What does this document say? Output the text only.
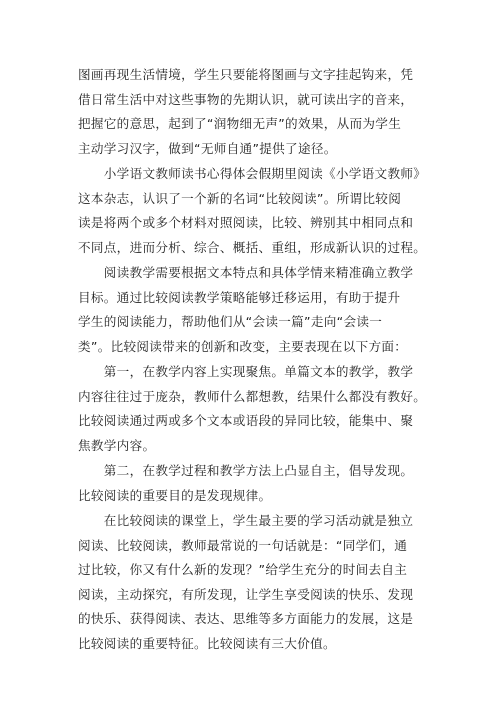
图画再现生活情境，学生只要能将图画与文字挂起钩来，凭
借日常生活中对这些事物的先期认识，就可读出字的音来，
把握它的意思，起到了“润物细无声”的效果，从而为学生
主动学习汉字，做到“无师自通”提供了途径。
　　小学语文教师读书心得体会假期里阅读《小学语文教师》
这本杂志，认识了一个新的名词“比较阅读”。所谓比较阅
读是将两个或多个材料对照阅读，比较、辨别其中相同点和
不同点，进而分析、综合、概括、重组，形成新认识的过程。
　　阅读教学需要根据文本特点和具体学情来精准确立教学
目标。通过比较阅读教学策略能够迁移运用，有助于提升
学生的阅读能力，帮助他们从“会读一篇”走向“会读一
类”。比较阅读带来的创新和改变，主要表现在以下方面：
　　第一，在教学内容上实现聚焦。单篇文本的教学，教学
内容往往过于庞杂，教师什么都想教，结果什么都没有教好。
比较阅读通过两或多个文本或语段的异同比较，能集中、聚
焦教学内容。
　　第二，在教学过程和教学方法上凸显自主，倡导发现。
比较阅读的重要目的是发现规律。
　　在比较阅读的课堂上，学生最主要的学习活动就是独立
阅读、比较阅读，教师最常说的一句话就是：“同学们，通
过比较，你又有什么新的发现？”给学生充分的时间去自主
阅读，主动探究，有所发现，让学生享受阅读的快乐、发现
的快乐、获得阅读、表达、思维等多方面能力的发展，这是
比较阅读的重要特征。比较阅读有三大价值。
